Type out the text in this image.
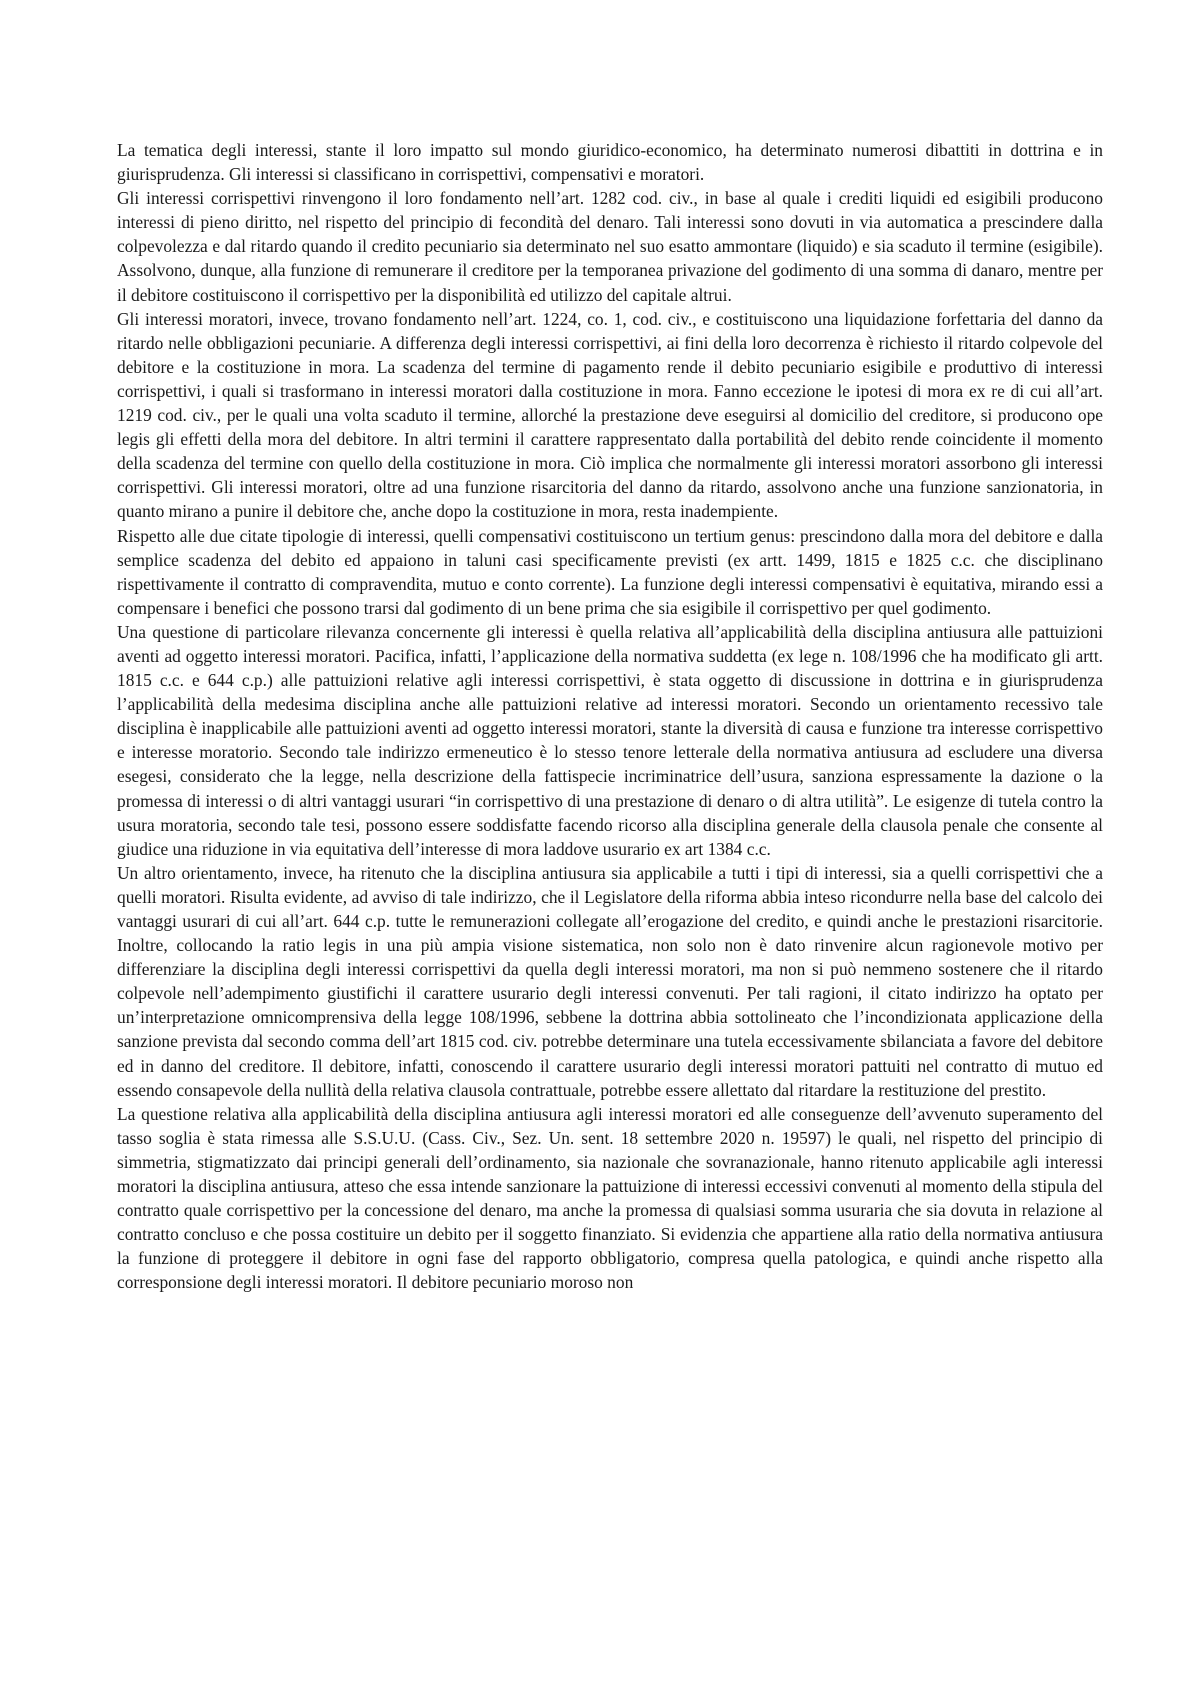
La tematica degli interessi, stante il loro impatto sul mondo giuridico-economico, ha determinato numerosi dibattiti in dottrina e in giurisprudenza. Gli interessi si classificano in corrispettivi, compensativi e moratori.

Gli interessi corrispettivi rinvengono il loro fondamento nell’art. 1282 cod. civ., in base al quale i crediti liquidi ed esigibili producono interessi di pieno diritto, nel rispetto del principio di fecondità del denaro. Tali interessi sono dovuti in via automatica a prescindere dalla colpevolezza e dal ritardo quando il credito pecuniario sia determinato nel suo esatto ammontare (liquido) e sia scaduto il termine (esigibile). Assolvono, dunque, alla funzione di remunerare il creditore per la temporanea privazione del godimento di una somma di danaro, mentre per il debitore costituiscono il corrispettivo per la disponibilità ed utilizzo del capitale altrui.

Gli interessi moratori, invece, trovano fondamento nell’art. 1224, co. 1, cod. civ., e costituiscono una liquidazione forfettaria del danno da ritardo nelle obbligazioni pecuniarie. A differenza degli interessi corrispettivi, ai fini della loro decorrenza è richiesto il ritardo colpevole del debitore e la costituzione in mora. La scadenza del termine di pagamento rende il debito pecuniario esigibile e produttivo di interessi corrispettivi, i quali si trasformano in interessi moratori dalla costituzione in mora. Fanno eccezione le ipotesi di mora ex re di cui all’art. 1219 cod. civ., per le quali una volta scaduto il termine, allorché la prestazione deve eseguirsi al domicilio del creditore, si producono ope legis gli effetti della mora del debitore. In altri termini il carattere rappresentato dalla portabilità del debito rende coincidente il momento della scadenza del termine con quello della costituzione in mora. Ciò implica che normalmente gli interessi moratori assorbono gli interessi corrispettivi. Gli interessi moratori, oltre ad una funzione risarcitoria del danno da ritardo, assolvono anche una funzione sanzionatoria, in quanto mirano a punire il debitore che, anche dopo la costituzione in mora, resta inadempiente.

Rispetto alle due citate tipologie di interessi, quelli compensativi costituiscono un tertium genus: prescindono dalla mora del debitore e dalla semplice scadenza del debito ed appaiono in taluni casi specificamente previsti (ex artt. 1499, 1815 e 1825 c.c. che disciplinano rispettivamente il contratto di compravendita, mutuo e conto corrente). La funzione degli interessi compensativi è equitativa, mirando essi a compensare i benefici che possono trarsi dal godimento di un bene prima che sia esigibile il corrispettivo per quel godimento.

Una questione di particolare rilevanza concernente gli interessi è quella relativa all’applicabilità della disciplina antiusura alle pattuizioni aventi ad oggetto interessi moratori. Pacifica, infatti, l’applicazione della normativa suddetta (ex lege n. 108/1996 che ha modificato gli artt. 1815 c.c. e 644 c.p.) alle pattuizioni relative agli interessi corrispettivi, è stata oggetto di discussione in dottrina e in giurisprudenza l’applicabilità della medesima disciplina anche alle pattuizioni relative ad interessi moratori. Secondo un orientamento recessivo tale disciplina è inapplicabile alle pattuizioni aventi ad oggetto interessi moratori, stante la diversità di causa e funzione tra interesse corrispettivo e interesse moratorio. Secondo tale indirizzo ermeneutico è lo stesso tenore letterale della normativa antiusura ad escludere una diversa esegesi, considerato che la legge, nella descrizione della fattispecie incriminatrice dell’usura, sanziona espressamente la dazione o la promessa di interessi o di altri vantaggi usurari “in corrispettivo di una prestazione di denaro o di altra utilità”. Le esigenze di tutela contro la usura moratoria, secondo tale tesi, possono essere soddisfatte facendo ricorso alla disciplina generale della clausola penale che consente al giudice una riduzione in via equitativa dell’interesse di mora laddove usurario ex art 1384 c.c.

Un altro orientamento, invece, ha ritenuto che la disciplina antiusura sia applicabile a tutti i tipi di interessi, sia a quelli corrispettivi che a quelli moratori. Risulta evidente, ad avviso di tale indirizzo, che il Legislatore della riforma abbia inteso ricondurre nella base del calcolo dei vantaggi usurari di cui all’art. 644 c.p. tutte le remunerazioni collegate all’erogazione del credito, e quindi anche le prestazioni risarcitorie. Inoltre, collocando la ratio legis in una più ampia visione sistematica, non solo non è dato rinvenire alcun ragionevole motivo per differenziare la disciplina degli interessi corrispettivi da quella degli interessi moratori, ma non si può nemmeno sostenere che il ritardo colpevole nell’adempimento giustifichi il carattere usurario degli interessi convenuti. Per tali ragioni, il citato indirizzo ha optato per un’interpretazione omnicomprensiva della legge 108/1996, sebbene la dottrina abbia sottolineato che l’incondizionata applicazione della sanzione prevista dal secondo comma dell’art 1815 cod. civ. potrebbe determinare una tutela eccessivamente sbilanciata a favore del debitore ed in danno del creditore. Il debitore, infatti, conoscendo il carattere usurario degli interessi moratori pattuiti nel contratto di mutuo ed essendo consapevole della nullità della relativa clausola contrattuale, potrebbe essere allettato dal ritardare la restituzione del prestito.

La questione relativa alla applicabilità della disciplina antiusura agli interessi moratori ed alle conseguenze dell’avvenuto superamento del tasso soglia è stata rimessa alle S.S.U.U. (Cass. Civ., Sez. Un. sent. 18 settembre 2020 n. 19597) le quali, nel rispetto del principio di simmetria, stigmatizzato dai principi generali dell’ordinamento, sia nazionale che sovranazionale, hanno ritenuto applicabile agli interessi moratori la disciplina antiusura, atteso che essa intende sanzionare la pattuizione di interessi eccessivi convenuti al momento della stipula del contratto quale corrispettivo per la concessione del denaro, ma anche la promessa di qualsiasi somma usuraria che sia dovuta in relazione al contratto concluso e che possa costituire un debito per il soggetto finanziato. Si evidenzia che appartiene alla ratio della normativa antiusura la funzione di proteggere il debitore in ogni fase del rapporto obbligatorio, compresa quella patologica, e quindi anche rispetto alla corresponsione degli interessi moratori. Il debitore pecuniario moroso non
